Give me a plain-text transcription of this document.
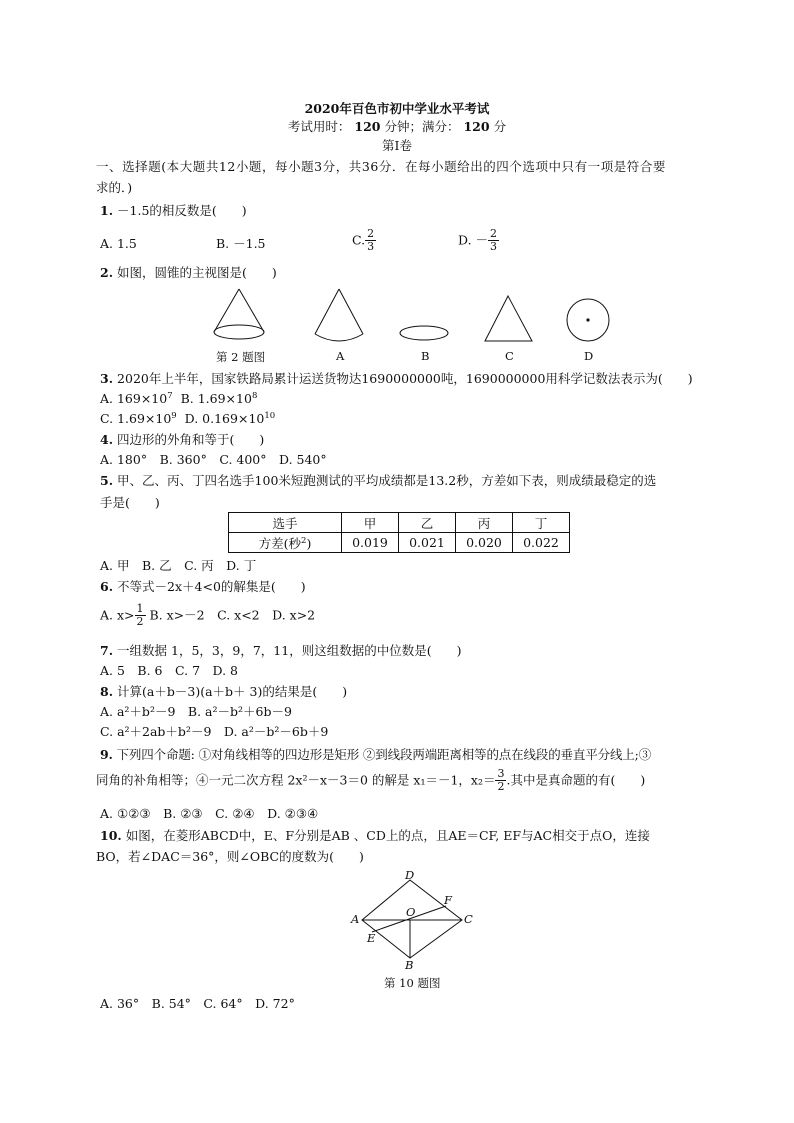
2020年百色市初中学业水平考试
考试用时： 120 分钟；满分： 120 分
第Ⅰ卷
一、选择题(本大题共12小题，每小题3分，共36分．在每小题给出的四个选项中只有一项是符合要
求的．)
1. －1.5的相反数是(　　)
A. 1.5	B. －1.5	C. $\frac{2}{3}$	D. － $\frac{2}{3}$
2. 如图，圆锥的主视图是(　　)
第 2 题图	A	B	C	D
3. 2020年上半年，国家铁路局累计运送货物达1690000000吨，1690000000用科学记数法表示为(　　)
A. $169\times 10^7$ B. $1.69\times 10^8$
C. $1.69\times 10^9$ D. $0.169\times 10^{10}$
4. 四边形的外角和等于(　　)
A. 180°　B. 360°　C. 400°　D. 540°
5. 甲、乙、丙、丁四名选手100米短跑测试的平均成绩都是13.2秒，方差如下表，则成绩最稳定的选
手是(　　)
选手	甲	乙	丙	丁
方差(秒$^2$)	0.019	0.021	0.020	0.022
A. 甲　B. 乙　C. 丙　D. 丁
6. 不等式－2x＋4<0的解集是(　　)
A. $x> \frac{1}{2} B$. x>－2　C. x<2　D. x>2
7. 一组数据 1，5，3，9，7，11，则这组数据的中位数是(　　)
A. 5　B. 6　C. 7　D. 8
8. 计算(a＋b－3)(a＋b＋ 3)的结果是(　　)
A. a²＋b²－9　B. a²－b²＋6b－9
C. a²＋2ab＋b²－9　D. a²－b²－6b＋9
9. 下列四个命题: ①对角线相等的四边形是矩形 ②到线段两端距离相等的点在线段的垂直平分线上;③
同角的补角相等；④一元二次方程 2x²－x－3＝0 的解是 x₁＝－1，$x_2= \frac{3}{2}$ .其中是真命题的有(　　)
A. ①②③　B. ②③　C. ②④　D. ②③④
10. 如图，在菱形ABCD中，E、F分别是AB 、CD上的点，且AE＝CF, EF与AC相交于点O，连接
BO，若∠DAC＝36°，则∠OBC的度数为(　　)
D
A	C
B
E
F
O
第 10 题图
A. 36°　B. 54°　C. 64°　D. 72°
